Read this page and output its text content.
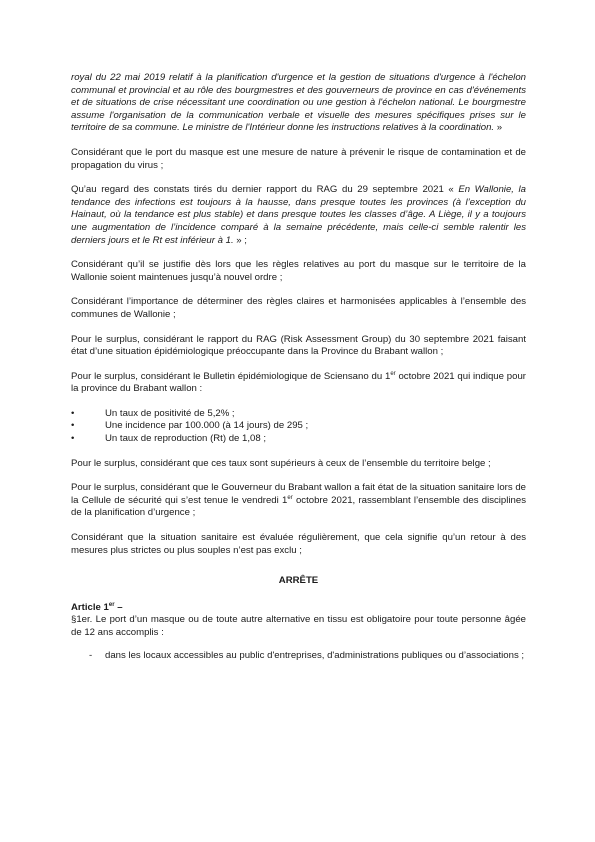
royal du 22 mai 2019 relatif à la planification d'urgence et la gestion de situations d'urgence à l'échelon communal et provincial et au rôle des bourgmestres et des gouverneurs de province en cas d'événements et de situations de crise nécessitant une coordination ou une gestion à l'échelon national. Le bourgmestre assume l'organisation de la communication verbale et visuelle des mesures spécifiques prises sur le territoire de sa commune. Le ministre de l'Intérieur donne les instructions relatives à la coordination. »

Considérant que le port du masque est une mesure de nature à prévenir le risque de contamination et de propagation du virus ;

Qu’au regard des constats tirés du dernier rapport du RAG du 29 septembre 2021 « En Wallonie, la tendance des infections est toujours à la hausse, dans presque toutes les provinces (à l’exception du Hainaut, où la tendance est plus stable) et dans presque toutes les classes d’âge. A Liège, il y a toujours une augmentation de l’incidence comparé à la semaine précédente, mais celle-ci semble ralentir les derniers jours et le Rt est inférieur à 1. » ;

Considérant qu’il se justifie dès lors que les règles relatives au port du masque sur le territoire de la Wallonie soient maintenues jusqu’à nouvel ordre ;

Considérant l’importance de déterminer des règles claires et harmonisées applicables à l’ensemble des communes de Wallonie ;

Pour le surplus, considérant le rapport du RAG (Risk Assessment Group) du 30 septembre 2021 faisant état d’une situation épidémiologique préoccupante dans la Province du Brabant wallon ;

Pour le surplus, considérant le Bulletin épidémiologique de Sciensano du 1er octobre 2021 qui indique pour la province du Brabant wallon :

•	Un taux de positivité de 5,2% ;
•	Une incidence par 100.000 (à 14 jours) de 295 ;
•	Un taux de reproduction (Rt) de 1,08 ;

Pour le surplus, considérant que ces taux sont supérieurs à ceux de l’ensemble du territoire belge ;

Pour le surplus, considérant que le Gouverneur du Brabant wallon a fait état de la situation sanitaire lors de la Cellule de sécurité qui s’est tenue le vendredi 1er octobre 2021, rassemblant l’ensemble des disciplines de la planification d’urgence ;

Considérant que la situation sanitaire est évaluée régulièrement, que cela signifie qu’un retour à des mesures plus strictes ou plus souples n’est pas exclu ;

ARRÊTE

Article 1er –

§1er. Le port d’un masque ou de toute autre alternative en tissu est obligatoire pour toute personne âgée de 12 ans accomplis :

- dans les locaux accessibles au public d'entreprises, d'administrations publiques ou d’associations ;
